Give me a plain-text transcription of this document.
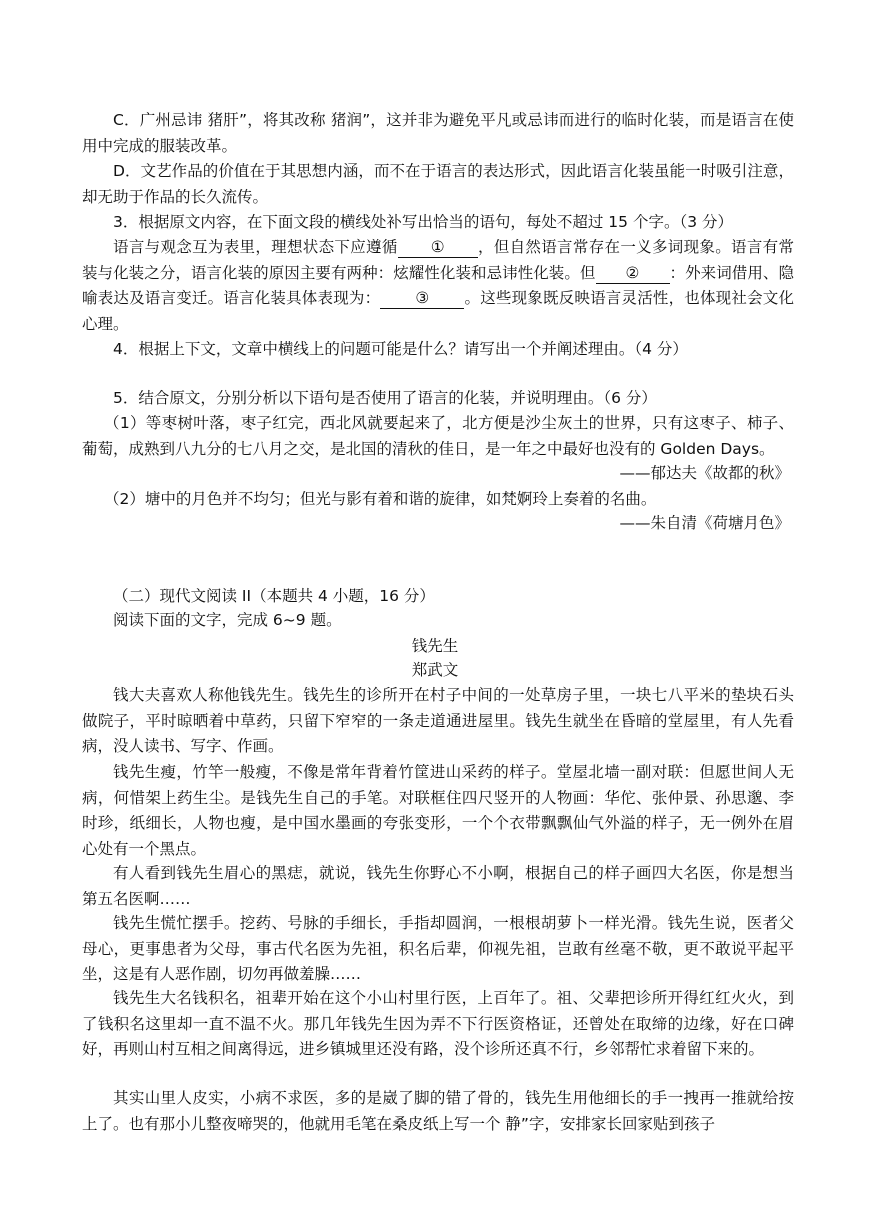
C．广州忌讳 猪肝”，将其改称 猪润”，这并非为避免平凡或忌讳而进行的临时化装，而是语言在使用中完成的服装改革。

D．文艺作品的价值在于其思想内涵，而不在于语言的表达形式，因此语言化装虽能一时吸引注意，却无助于作品的长久流传。

3．根据原文内容，在下面文段的横线处补写出恰当的语句，每处不超过 15 个字。（3 分）

语言与观念互为表里，理想状态下应遵循 ① ，但自然语言常存在一义多词现象。语言有常装与化装之分，语言化装的原因主要有两种：炫耀性化装和忌讳性化装。但 ② ：外来词借用、隐喻表达及语言变迁。语言化装具体表现为： ③ 。这些现象既反映语言灵活性，也体现社会文化心理。

4．根据上下文，文章中横线上的问题可能是什么？请写出一个并阐述理由。（4 分）

5．结合原文，分别分析以下语句是否使用了语言的化装，并说明理由。（6 分）

（1）等枣树叶落，枣子红完，西北风就要起来了，北方便是沙尘灰土的世界，只有这枣子、柿子、葡萄，成熟到八九分的七八月之交，是北国的清秋的佳日，是一年之中最好也没有的 Golden Days。

——郁达夫《故都的秋》

（2）塘中的月色并不均匀；但光与影有着和谐的旋律，如梵婀玲上奏着的名曲。

——朱自清《荷塘月色》

（二）现代文阅读 II（本题共 4 小题，16 分）

阅读下面的文字，完成 6~9 题。

钱先生

郑武文

钱大夫喜欢人称他钱先生。钱先生的诊所开在村子中间的一处草房子里，一块七八平米的垫块石头做院子，平时晾晒着中草药，只留下窄窄的一条走道通进屋里。钱先生就坐在昏暗的堂屋里，有人先看病，没人读书、写字、作画。

钱先生瘦，竹竿一般瘦，不像是常年背着竹筐进山采药的样子。堂屋北墙一副对联：但愿世间人无病，何惜架上药生尘。是钱先生自己的手笔。对联框住四尺竖开的人物画：华佗、张仲景、孙思邈、李时珍，纸细长，人物也瘦，是中国水墨画的夸张变形，一个个衣带飘飘仙气外溢的样子，无一例外在眉心处有一个黑点。

有人看到钱先生眉心的黑痣，就说，钱先生你野心不小啊，根据自己的样子画四大名医，你是想当第五名医啊……

钱先生慌忙摆手。挖药、号脉的手细长，手指却圆润，一根根胡萝卜一样光滑。钱先生说，医者父母心，更事患者为父母，事古代名医为先祖，积名后辈，仰视先祖，岂敢有丝毫不敬，更不敢说平起平坐，这是有人恶作剧，切勿再做羞臊……

钱先生大名钱积名，祖辈开始在这个小山村里行医，上百年了。祖、父辈把诊所开得红红火火，到了钱积名这里却一直不温不火。那几年钱先生因为弄不下行医资格证，还曾处在取缔的边缘，好在口碑好，再则山村互相之间离得远，进乡镇城里还没有路，没个诊所还真不行，乡邻帮忙求着留下来的。

其实山里人皮实，小病不求医，多的是崴了脚的错了骨的，钱先生用他细长的手一拽再一推就给按上了。也有那小儿整夜啼哭的，他就用毛笔在桑皮纸上写一个 静”字，安排家长回家贴到孩子
